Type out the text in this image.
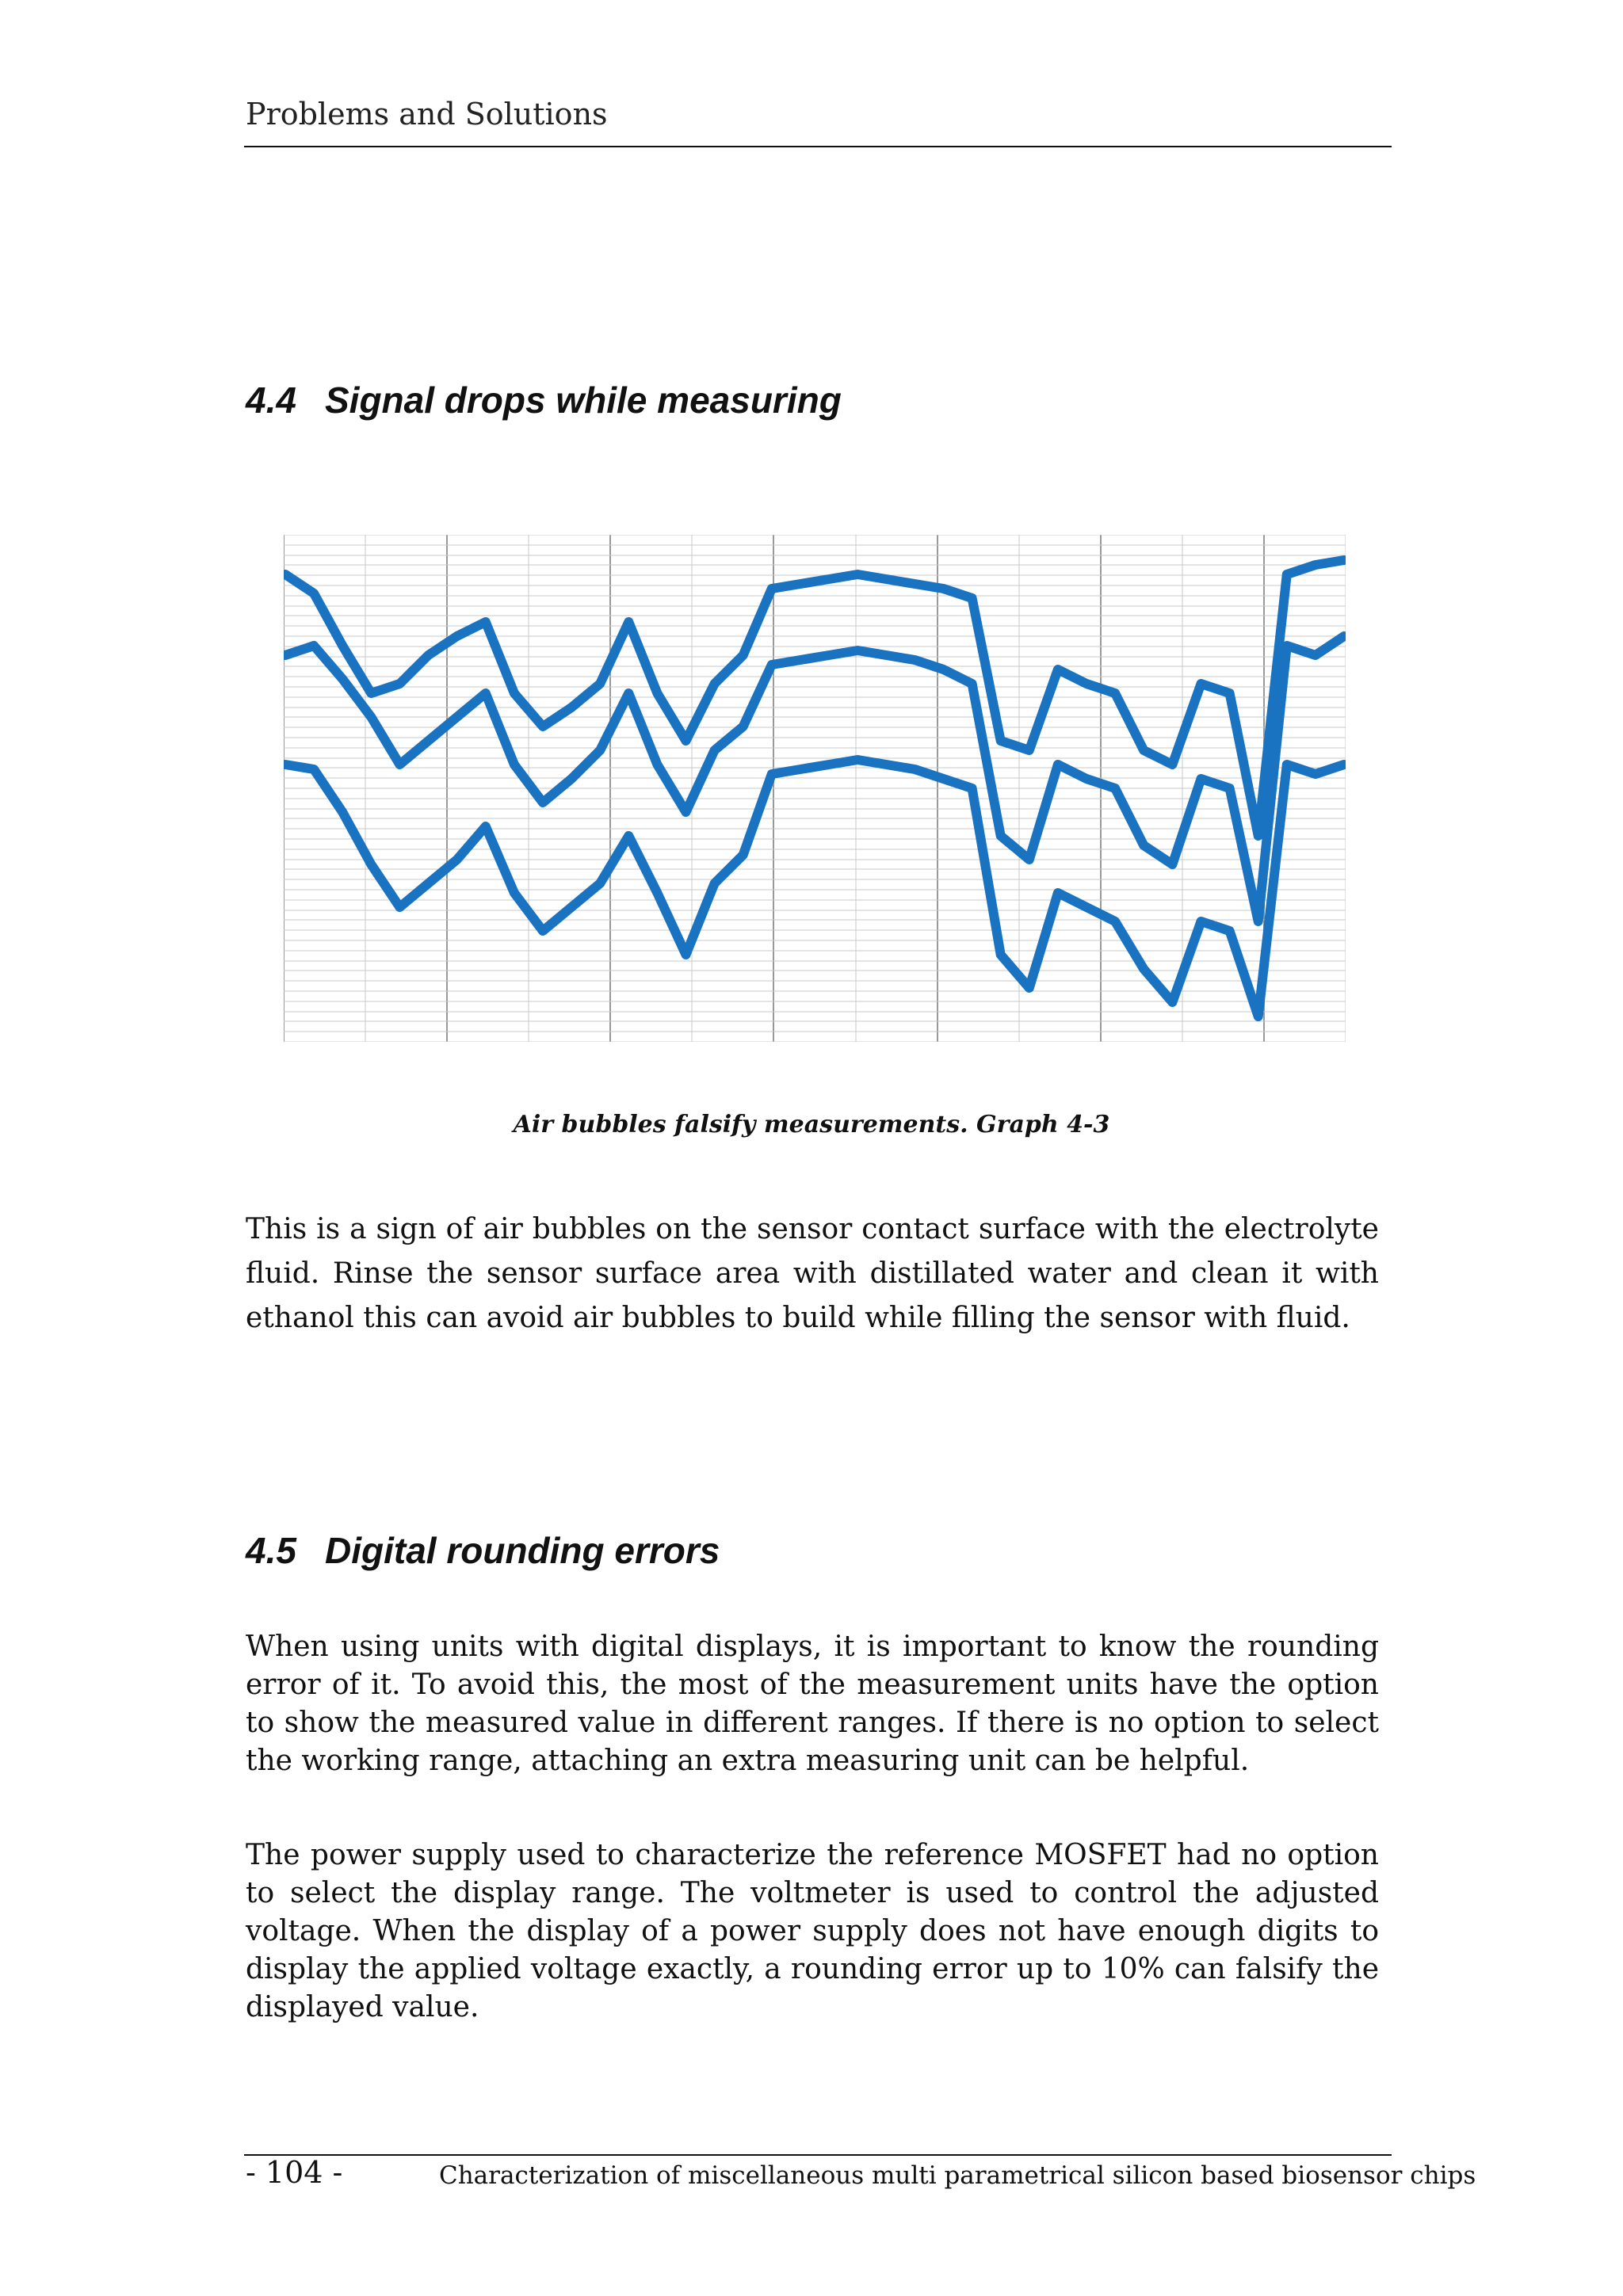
Problems and Solutions
4.4 Signal drops while measuring
Air bubbles falsify measurements. Graph 4-3

This is a sign of air bubbles on the sensor contact surface with the electrolyte fluid. Rinse the sensor surface area with distillated water and clean it with ethanol this can avoid air bubbles to build while filling the sensor with fluid.

4.5 Digital rounding errors

When using units with digital displays, it is important to know the rounding error of it. To avoid this, the most of the measurement units have the option to show the measured value in different ranges. If there is no option to select the working range, attaching an extra measuring unit can be helpful.

The power supply used to characterize the reference MOSFET had no option to select the display range. The voltmeter is used to control the adjusted voltage. When the display of a power supply does not have enough digits to display the applied voltage exactly, a rounding error up to 10% can falsify the displayed value.

- 104 -	Characterization of miscellaneous multi parametrical silicon based biosensor chips
